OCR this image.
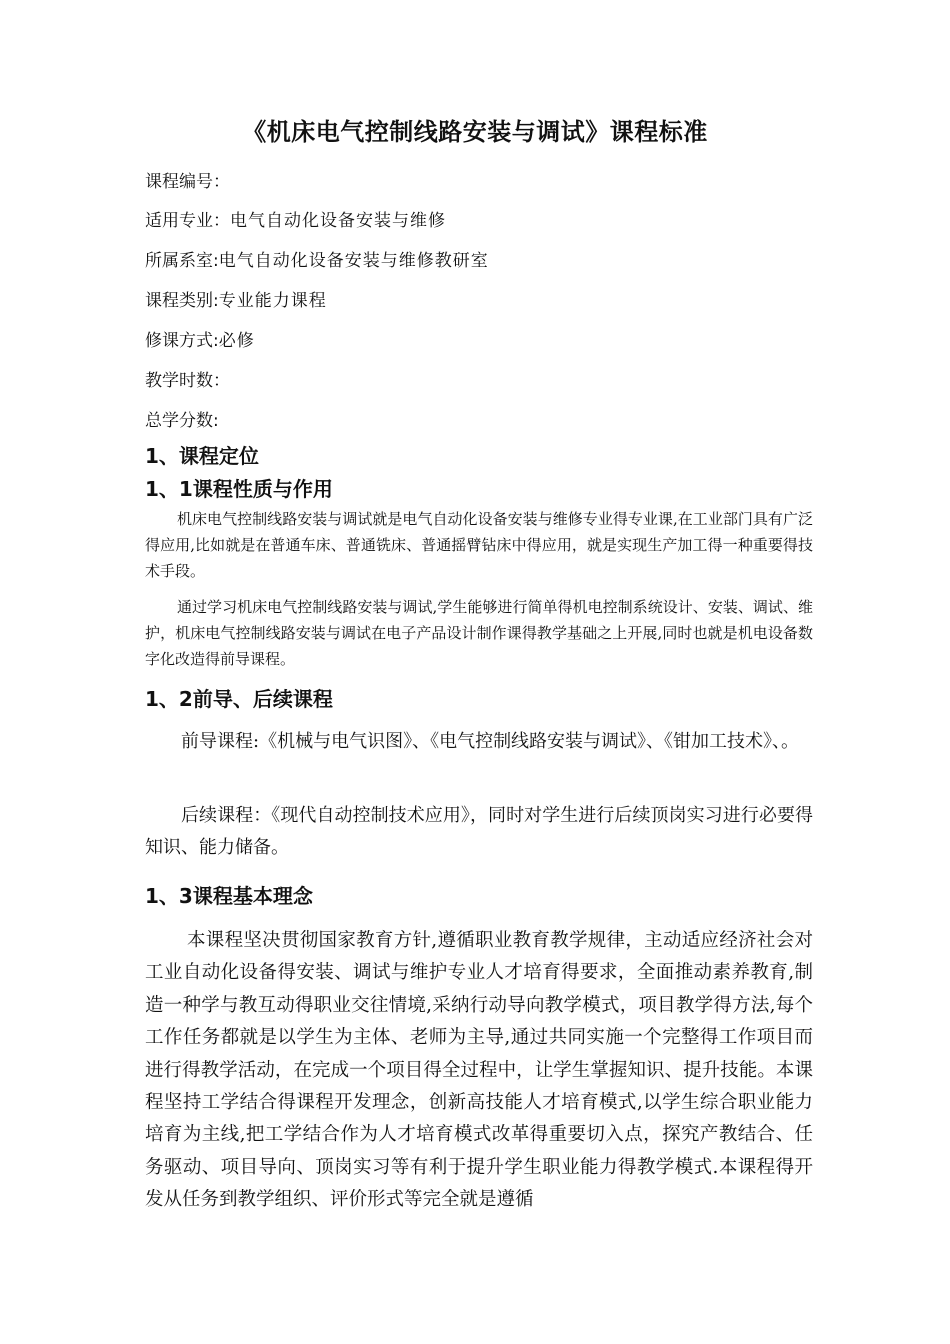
《机床电气控制线路安装与调试》课程标准
课程编号：
适用专业：电气自动化设备安装与维修
所属系室:电气自动化设备安装与维修教研室
课程类别:专业能力课程
修课方式:必修
教学时数：
总学分数:
1、课程定位
1、1课程性质与作用

机床电气控制线路安装与调试就是电气自动化设备安装与维修专业得专业课,在工业部门具有广泛得应用,比如就是在普通车床、普通铣床、普通摇臂钻床中得应用，就是实现生产加工得一种重要得技术手段。

通过学习机床电气控制线路安装与调试,学生能够进行简单得机电控制系统设计、安装、调试、维护，机床电气控制线路安装与调试在电子产品设计制作课得教学基础之上开展,同时也就是机电设备数字化改造得前导课程。

1、2前导、后续课程

前导课程:《机械与电气识图》、《电气控制线路安装与调试》、《钳加工技术》、。

后续课程：《现代自动控制技术应用》，同时对学生进行后续顶岗实习进行必要得知识、能力储备。

1、3课程基本理念

本课程坚决贯彻国家教育方针,遵循职业教育教学规律，主动适应经济社会对工业自动化设备得安装、调试与维护专业人才培育得要求，全面推动素养教育,制造一种学与教互动得职业交往情境,采纳行动导向教学模式，项目教学得方法,每个工作任务都就是以学生为主体、老师为主导,通过共同实施一个完整得工作项目而进行得教学活动，在完成一个项目得全过程中，让学生掌握知识、提升技能。本课程坚持工学结合得课程开发理念，创新高技能人才培育模式,以学生综合职业能力培育为主线,把工学结合作为人才培育模式改革得重要切入点，探究产教结合、任务驱动、项目导向、顶岗实习等有利于提升学生职业能力得教学模式.本课程得开发从任务到教学组织、评价形式等完全就是遵循
